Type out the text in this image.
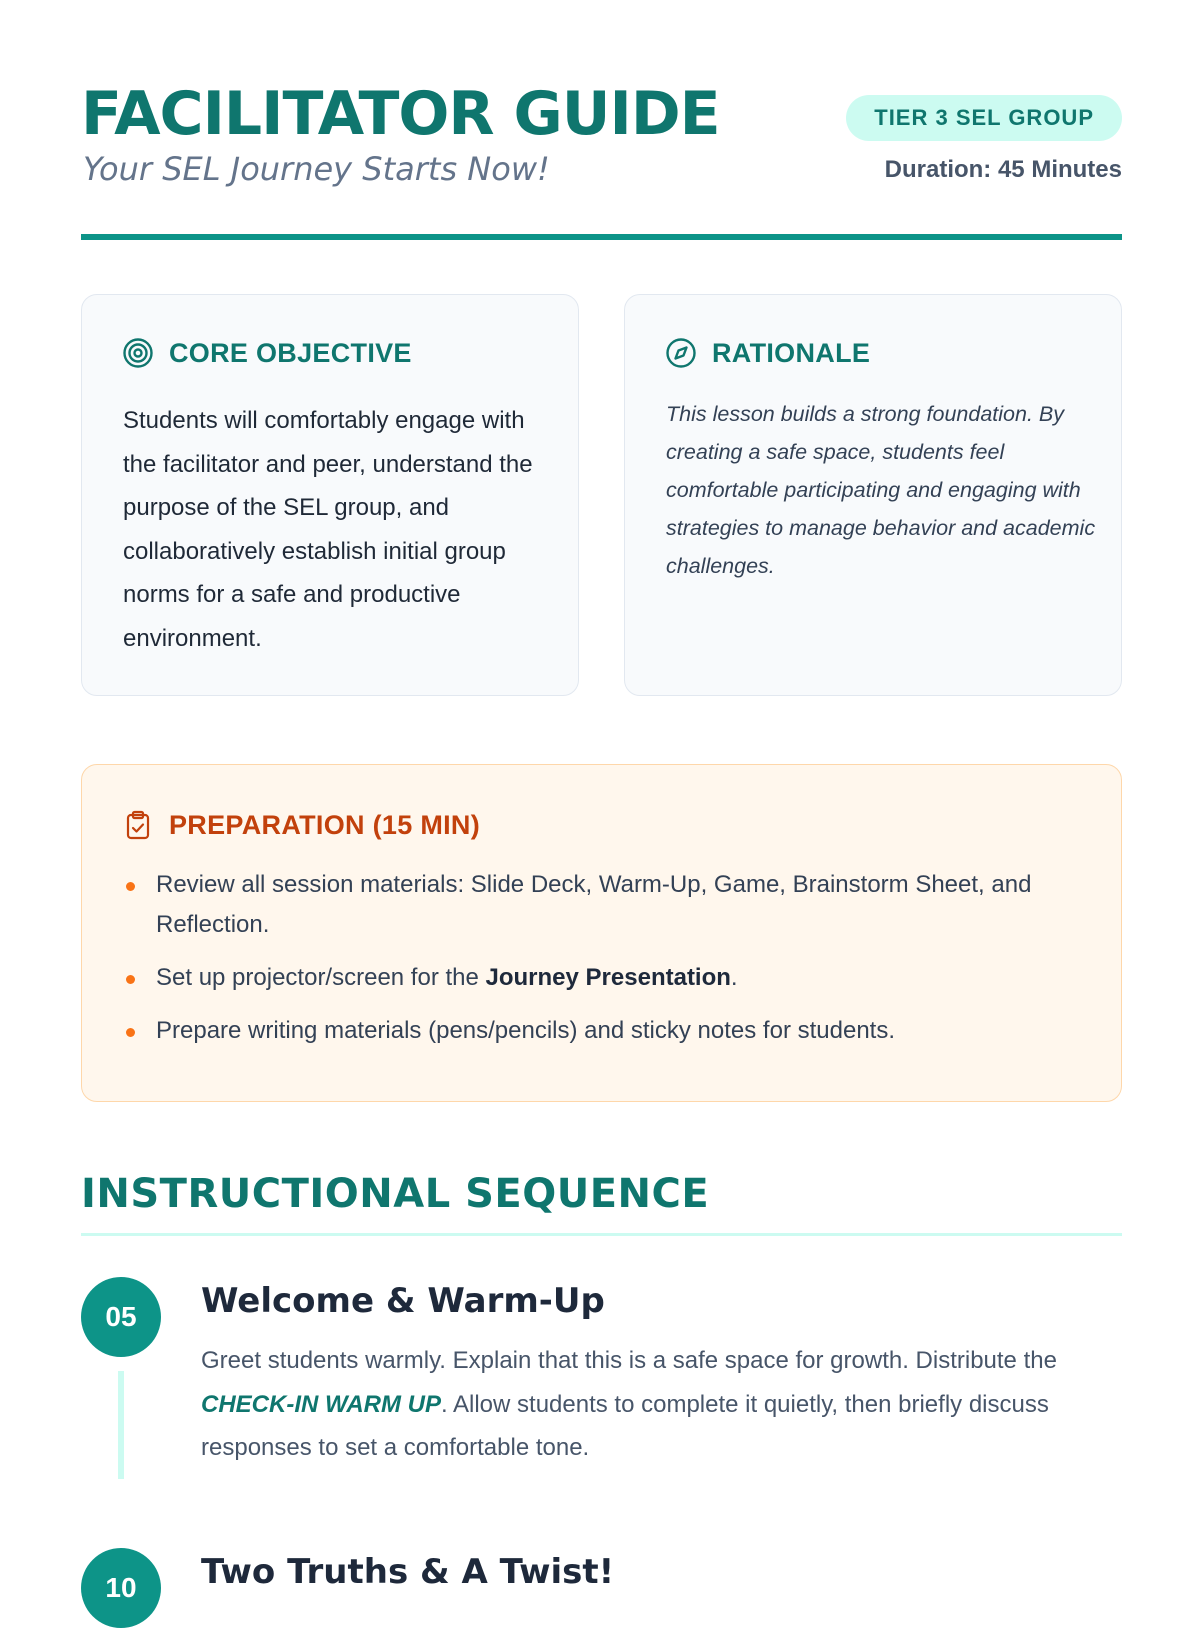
FACILITATOR GUIDE
Your SEL Journey Starts Now!
TIER 3 SEL GROUP
Duration: 45 Minutes
CORE OBJECTIVE
Students will comfortably engage with the facilitator and peer, understand the purpose of the SEL group, and collaboratively establish initial group norms for a safe and productive environment.
RATIONALE
This lesson builds a strong foundation. By creating a safe space, students feel comfortable participating and engaging with strategies to manage behavior and academic challenges.
PREPARATION (15 MIN)
Review all session materials: Slide Deck, Warm-Up, Game, Brainstorm Sheet, and Reflection.
Set up projector/screen for the Journey Presentation.
Prepare writing materials (pens/pencils) and sticky notes for students.
INSTRUCTIONAL SEQUENCE
05	Welcome & Warm-Up
Greet students warmly. Explain that this is a safe space for growth. Distribute the CHECK-IN WARM UP. Allow students to complete it quietly, then briefly discuss responses to set a comfortable tone.
10	Two Truths & A Twist!
